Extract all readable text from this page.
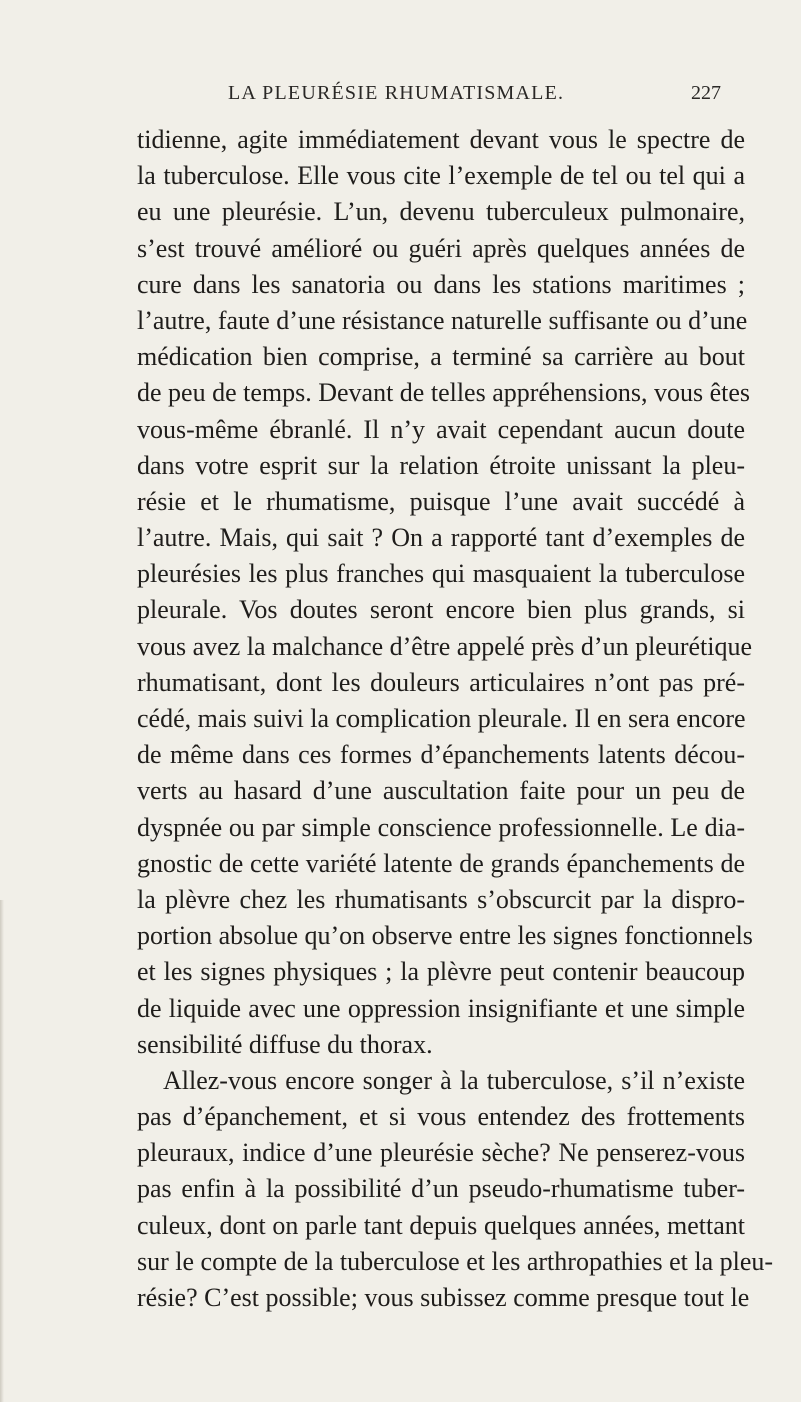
LA PLEURÉSIE RHUMATISMALE.	227
tidienne, agite immédiatement devant vous le spectre de
la tuberculose. Elle vous cite l’exemple de tel ou tel qui a
eu une pleurésie. L’un, devenu tuberculeux pulmonaire,
s’est trouvé amélioré ou guéri après quelques années de
cure dans les sanatoria ou dans les stations maritimes ;
l’autre, faute d’une résistance naturelle suffisante ou d’une
médication bien comprise, a terminé sa carrière au bout
de peu de temps. Devant de telles appréhensions, vous êtes
vous-même ébranlé. Il n’y avait cependant aucun doute
dans votre esprit sur la relation étroite unissant la pleu-
résie et le rhumatisme, puisque l’une avait succédé à
l’autre. Mais, qui sait ? On a rapporté tant d’exemples de
pleurésies les plus franches qui masquaient la tuberculose
pleurale. Vos doutes seront encore bien plus grands, si
vous avez la malchance d’être appelé près d’un pleurétique
rhumatisant, dont les douleurs articulaires n’ont pas pré-
cédé, mais suivi la complication pleurale. Il en sera encore
de même dans ces formes d’épanchements latents décou-
verts au hasard d’une auscultation faite pour un peu de
dyspnée ou par simple conscience professionnelle. Le dia-
gnostic de cette variété latente de grands épanchements de
la plèvre chez les rhumatisants s’obscurcit par la dispro-
portion absolue qu’on observe entre les signes fonctionnels
et les signes physiques ; la plèvre peut contenir beaucoup
de liquide avec une oppression insignifiante et une simple
sensibilité diffuse du thorax.
Allez-vous encore songer à la tuberculose, s’il n’existe
pas d’épanchement, et si vous entendez des frottements
pleuraux, indice d’une pleurésie sèche? Ne penserez-vous
pas enfin à la possibilité d’un pseudo-rhumatisme tuber-
culeux, dont on parle tant depuis quelques années, mettant
sur le compte de la tuberculose et les arthropathies et la pleu-
résie? C’est possible; vous subissez comme presque tout le
